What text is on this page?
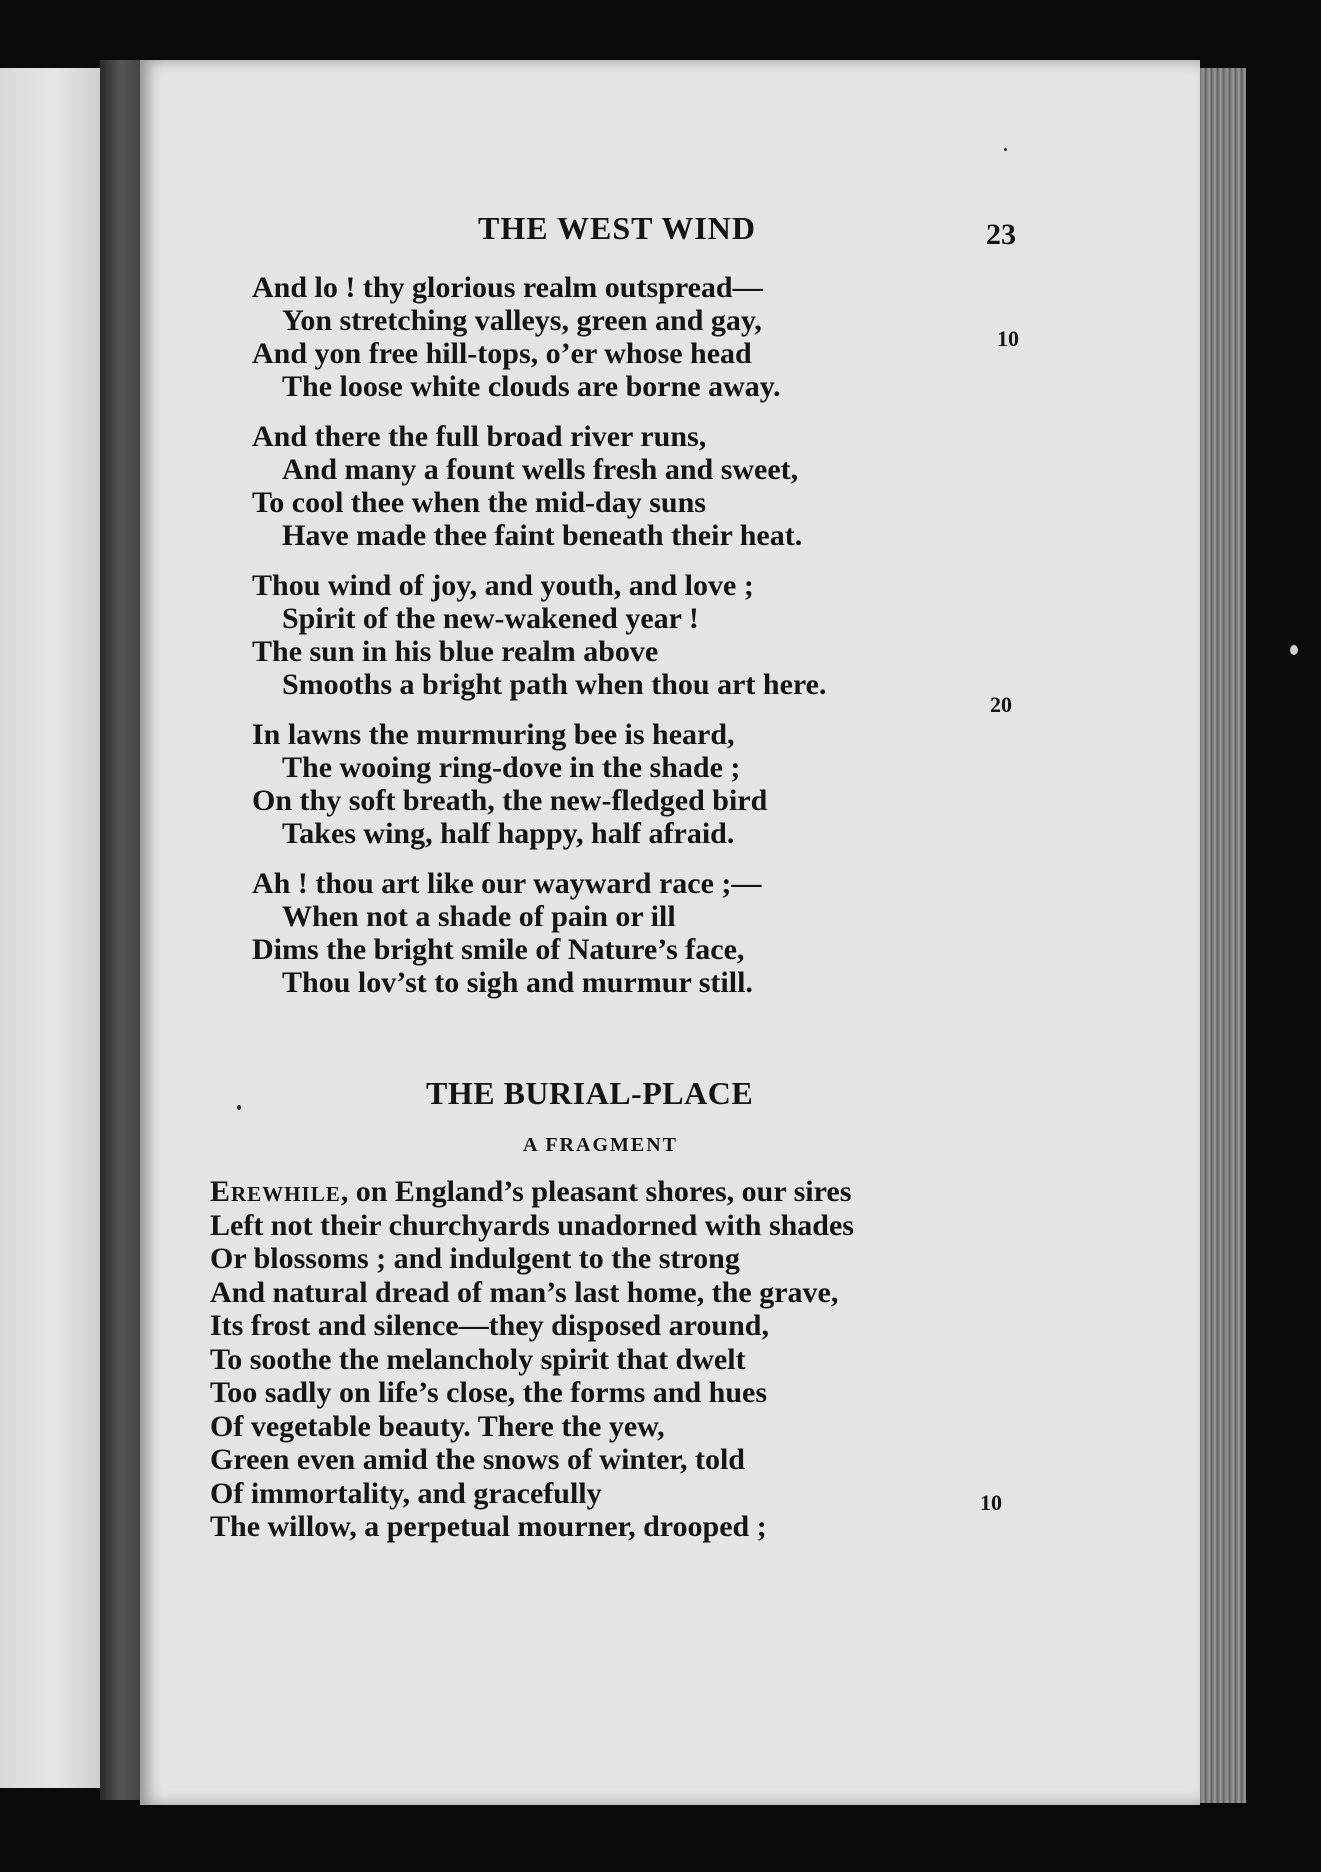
THE WEST WIND	23
And lo ! thy glorious realm outspread—
Yon stretching valleys, green and gay,
And yon free hill-tops, o’er whose head
The loose white clouds are borne away.
And there the full broad river runs,
And many a fount wells fresh and sweet,
To cool thee when the mid-day suns
Have made thee faint beneath their heat.
Thou wind of joy, and youth, and love ;
Spirit of the new-wakened year !
The sun in his blue realm above
Smooths a bright path when thou art here.
In lawns the murmuring bee is heard,
The wooing ring-dove in the shade ;
On thy soft breath, the new-fledged bird
Takes wing, half happy, half afraid.
Ah ! thou art like our wayward race ;—
When not a shade of pain or ill
Dims the bright smile of Nature’s face,
Thou lov’st to sigh and murmur still.
10
20
THE BURIAL-PLACE
A FRAGMENT
Erewhile, on England’s pleasant shores, our sires
Left not their churchyards unadorned with shades
Or blossoms ; and indulgent to the strong
And natural dread of man’s last home, the grave,
Its frost and silence—they disposed around,
To soothe the melancholy spirit that dwelt
Too sadly on life’s close, the forms and hues
Of vegetable beauty. There the yew,
Green even amid the snows of winter, told
Of immortality, and gracefully
The willow, a perpetual mourner, drooped ;
10
